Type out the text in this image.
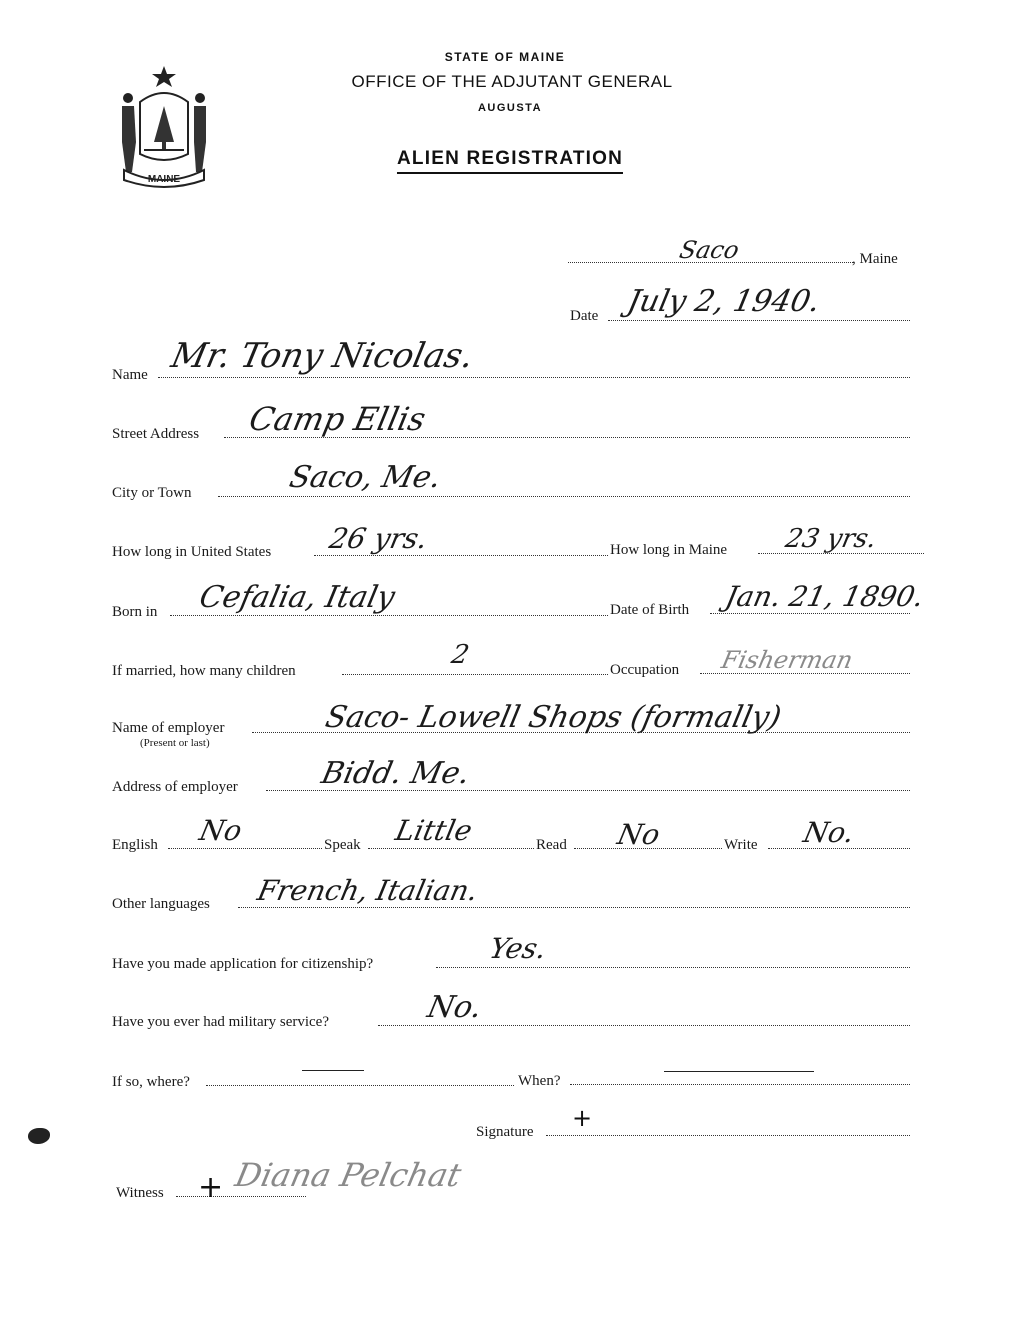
MAINE
STATE OF MAINE
OFFICE OF THE ADJUTANT GENERAL
AUGUSTA
ALIEN REGISTRATION
Saco	, Maine
Date July 2, 1940.
Name Mr. Tony Nicolas.
Street Address Camp Ellis
City or Town	Saco, Me.
How long in United States 26 yrs.	How long in Maine 23 yrs.
Born in Cefalia, Italy	Date of Birth Jan. 21, 1890.
If married, how many children
2	Occupation Fisherman
Name of employer
(Present or last)
Saco- Lowell Shops (formally)
Address of employer	Bidd. Me.
English No	Speak Little	Read No	Write No.
Other languages French, Italian.
Have you made application for citizenship?	Yes.
Have you ever had military service?	No.
If so, where?	When?
Signature +
Witness + Diana Pelchat
